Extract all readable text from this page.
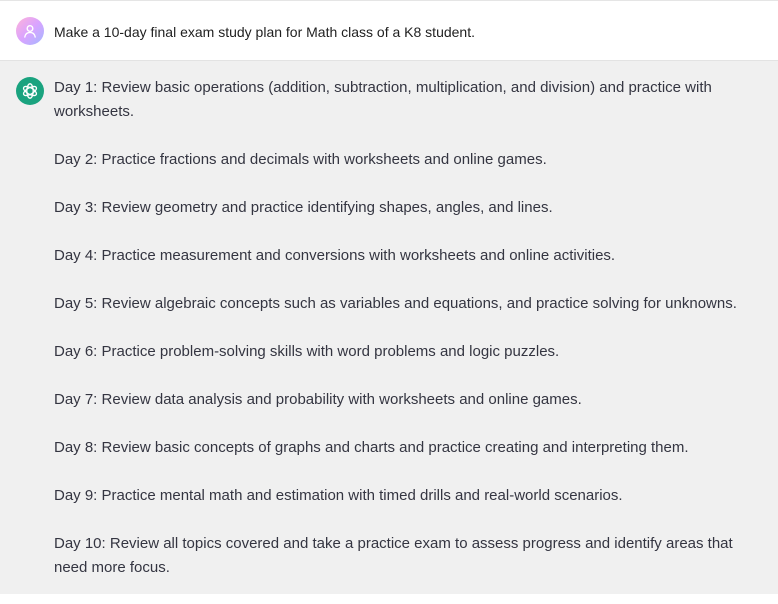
Make a 10-day final exam study plan for Math class of a K8 student.

Day 1: Review basic operations (addition, subtraction, multiplication, and division) and practice with worksheets.

Day 2: Practice fractions and decimals with worksheets and online games.

Day 3: Review geometry and practice identifying shapes, angles, and lines.

Day 4: Practice measurement and conversions with worksheets and online activities.

Day 5: Review algebraic concepts such as variables and equations, and practice solving for unknowns.

Day 6: Practice problem-solving skills with word problems and logic puzzles.

Day 7: Review data analysis and probability with worksheets and online games.

Day 8: Review basic concepts of graphs and charts and practice creating and interpreting them.

Day 9: Practice mental math and estimation with timed drills and real-world scenarios.

Day 10: Review all topics covered and take a practice exam to assess progress and identify areas that need more focus.
